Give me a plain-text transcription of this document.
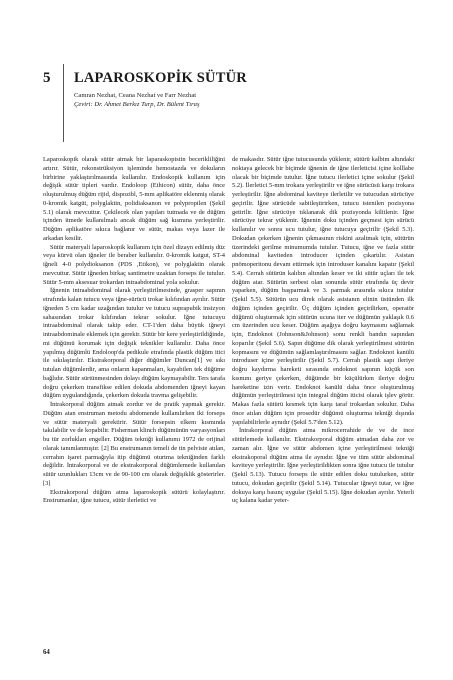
5 LAPAROSKOPİK SÜTÜR
Camran Nezhat, Ceana Nezhat ve Farr Nezhat
Çeviri: Dr. Ahmet Berkız Turp, Dr. Bülent Tıraş

Laparoskopik olarak sütür atmak bir laparaskopistin becerikliliğini artırır. Sütür, rekonstrüksiyon işleminde hemostazda ve dokuların birbirine yaklaştırılmasında kullanılır. Endoskopik kullanım için değişik sütür tipleri vardır. Endoloop (Ethicon) sütür, daha önce oluşturulmuş düğüm rijid, dispozibl, 5-mm aplikatöre eklenmiş olarak 0-kromik katgüt, polyglaktin, polidiaksanon ve polypropilen (Şekil 5.1) olarak mevcuttur. Çekilecek olan yapıları tutmada ve de düğüm içinden itmede kullanılmalı ancak düğüm sağ kısmına yerleştirilir. Düğüm aplikatöre sıkıca bağlanır ve sütür, makas veya lazer ile arkadan kesilir.

Sütür materyali laparoskopik kullanım için özel dizayn edilmiş düz veya kürvü olan iğneler ile beraber kullanılır. 0-kromik katgut, ST-4 iğneli 4-0 polydioksanon (PDS ,Etikon), ve polyglaktin olarak mevcuttur. Sütür iğneden birkaç santimetre uzaktan forseps ile tutulur. Sütür 5-mm aksesuar trokardan intraabdominal yola sokulur.

İğnenin intraabdominal olarak yerleştirilmesinde, grasper sapının etrafında kalan tutucu veya iğne-sürücü trokar kılıfından ayrılır. Sütür iğneden 5 cm kadar uzağından tutulur ve tutucu suprapubik insizyon sahasından trokar kılıfından tekrar sokulur. İğne tutucuyu intraabdominal olarak takip eder. CT-1'den daha büyük iğneyi intraabdominale eklemek için gerekir. Sütür bir kere yerleştirildiğinde, mi düğümü korumak için değişik teknikler kullanılır. Daha önce yapılmış düğümlü Endoloop'da pedikule etrafında plastik düğüm itici ile sıkılaştırılır. Ekstrakorporal diğer düğümler Duncan[1] ve sıkı tutulan düğümlerdir, ama onların kapanmaları, kayabilen tek düğüme bağlıdır. Sütür sürtünmesinden dolayı düğüm kaymayabilir. Ters tarafa doğru çekerken transfikse edilen dokuda abdomenden iğneyi kayan düğüm uygulandığında, çekerken dokuda travma gelişebilir.

İntrakorporal düğüm atmak zordur ve de pratik yapmak gerekir. Düğüm atan enstruman metodu abdomende kullanılırken iki forseps ve sütür materyali gerektirir. Sütür forsepsin elkem kısmında takılabilir ve de kopabilir. Fisherman klinch düğümünün varyasyonları bu tür zorlukları engeller. Düğüm tekniği kullanımı 1972 de orijinal olarak tanımlanmıştır. [2] Bu enstrumanın temeli de tin pelviste atılan, cerrahın işaret parmağıyla itip düğümü oturtma tekniğinden farklı değildir. İntrakorporal ve de ekstrakorporal düğümlemede kullanılan sütür uzunlukları 13cm ve de 90-100 cm olarak değişiklik gösterirler. [3]

Ekstrakorporal düğüm atma laparoskopik sütürü kolaylaştırır. Enstrumanlar, iğne tutucu, sütür ilerletici ve

de makasdır. Sütür iğne tutucusunda yüklenir, sütürü kalbim altındaki noktaya gelecek bir biçimde iğnenin de iğne ilerleticisi içine kolllabe olacak bir biçimde tutulur. İğne tutucu ilerletici içine sokulur (Şekil 5.2). İlerletici 5-mm trokara yerleştirilir ve iğne sürücüsü karşı trokara yerleştirilir. İğne abdominal kaviteye ilerletilir ve tutucudan sürücüye geçirilir. İğne sürücüde sabitleştirirken, tutucu istenilen pozisyona getirilir. İğne sürücüye tıklanarak dik pozisyonda kilitlenir. İğne sürücüye tekrar yüklenir. İğnenin doku içinden geçmesi için sürücü kullanılır ve sonra ucu tutulur, iğne tutucuya geçirilir (Şekil 5.3). Dokudan çekerken iğnenin çıkmasının riskini azaltmak için, sütürün üzerindeki gerilme minumumda tutulur. Tutucu, iğne ve fazla sütür abdominal kaviteden introducer içinden çıkartılır. Asistan pnömoperitonu devam ettirmek için introduser kanalını kapatır (Şekil 5.4). Cerrah sütürün kalıbın altından keser ve iki sütür uçları ile tek düğüm atar. Sütürün serbest olan sonunda sütür etrafında üç devir yaparken, düğüm başparmak ve 3. parmak arasında sıkıca tutulur (Şekil 5.5). Sütürün ucu direk olarak asistanın elinin üstünden ilk düğüm içinden geçirilir. Üç düğüm içinden geçirilirken, operatör düğümü oluşturmak için sütürün ucuna iter ve düğümün yaklaşık 0.6 cm üzerinden ucu keser. Düğüm aşağıya doğru kaymasını sağlamak için, Endoknot (Johnson&Johnson) sonu renkli bandın sapından koparılır (Şekil 5.6). Sapın düğüme dik olarak yerleştirilmesi sütürün kopmasını ve düğümün sağlamlaştırılmasını sağlar. Endoknot kanülü introduser içine yerleştirilir (Şekil 5.7). Cerrah plastik sapı ileriye doğru kaydırma hareketi sırasında endoknot sapının küçük son kısmını geriye çekerken, düğümde bir küçülürken ileriye doğru hareketine izin verir. Endoknot kanülü daha önce oluşturulmuş düğümün yerleştirilmesi için integral düğüm iticisi olarak işlev görür. Makas fazla sütürü kesmek için karşı taraf trokardan sokulur. Daha önce atılan düğüm için prosedür düğümü oluşturma tekniği dışında yapılabilirlerle aynıdır (Şekil 5.7'den 5.12).

İntrakorporal düğüm atma mikrocerrahide de ve de ince sütürlemede kullanılır. Ekstrakorporal düğüm atmadan daha zor ve zaman alır. İğne ve sütür abdomen içine yerleştirilmesi tekniği ekstrakoporal düğüm atma ile aynıdır. İğne ve tüm sütür abdominal kaviteye yerleştirilir. İğne yerleştirildikten sonra iğne tutucu ile tutulur (Şekil 5.13). Tutucu forseps ile sütür edilen doku tutulurken, sütür tutucu, dokudan geçirilir (Şekil 5.14). Tutucular iğneyi tutar, ve iğne dokuya karşı basınç uygular (Şekil 5.15). İğne dokudan ayrılır. Yeterli uç kalana kadar yeter-

64
